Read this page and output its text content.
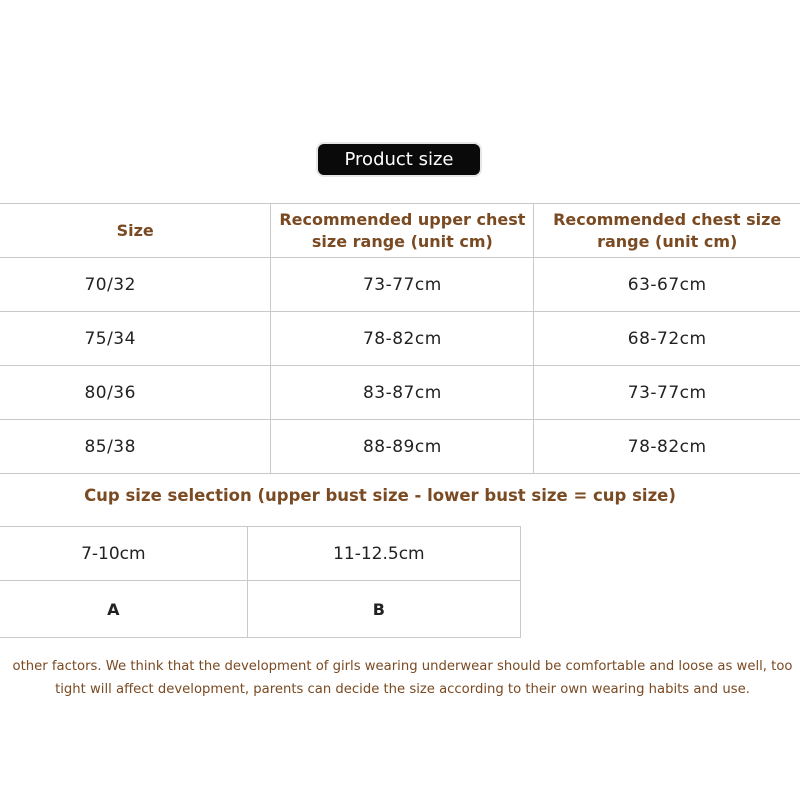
Product size
Size	Recommended upper chest size range (unit cm)	Recommended chest size range (unit cm)
70/32	73-77cm	63-67cm
75/34	78-82cm	68-72cm
80/36	83-87cm	73-77cm
85/38	88-89cm	78-82cm
Cup size selection (upper bust size - lower bust size = cup size)
7-10cm	11-12.5cm
A	B
other factors. We think that the development of girls wearing underwear should be comfortable and loose as well, too tight will affect development, parents can decide the size according to their own wearing habits and use.
